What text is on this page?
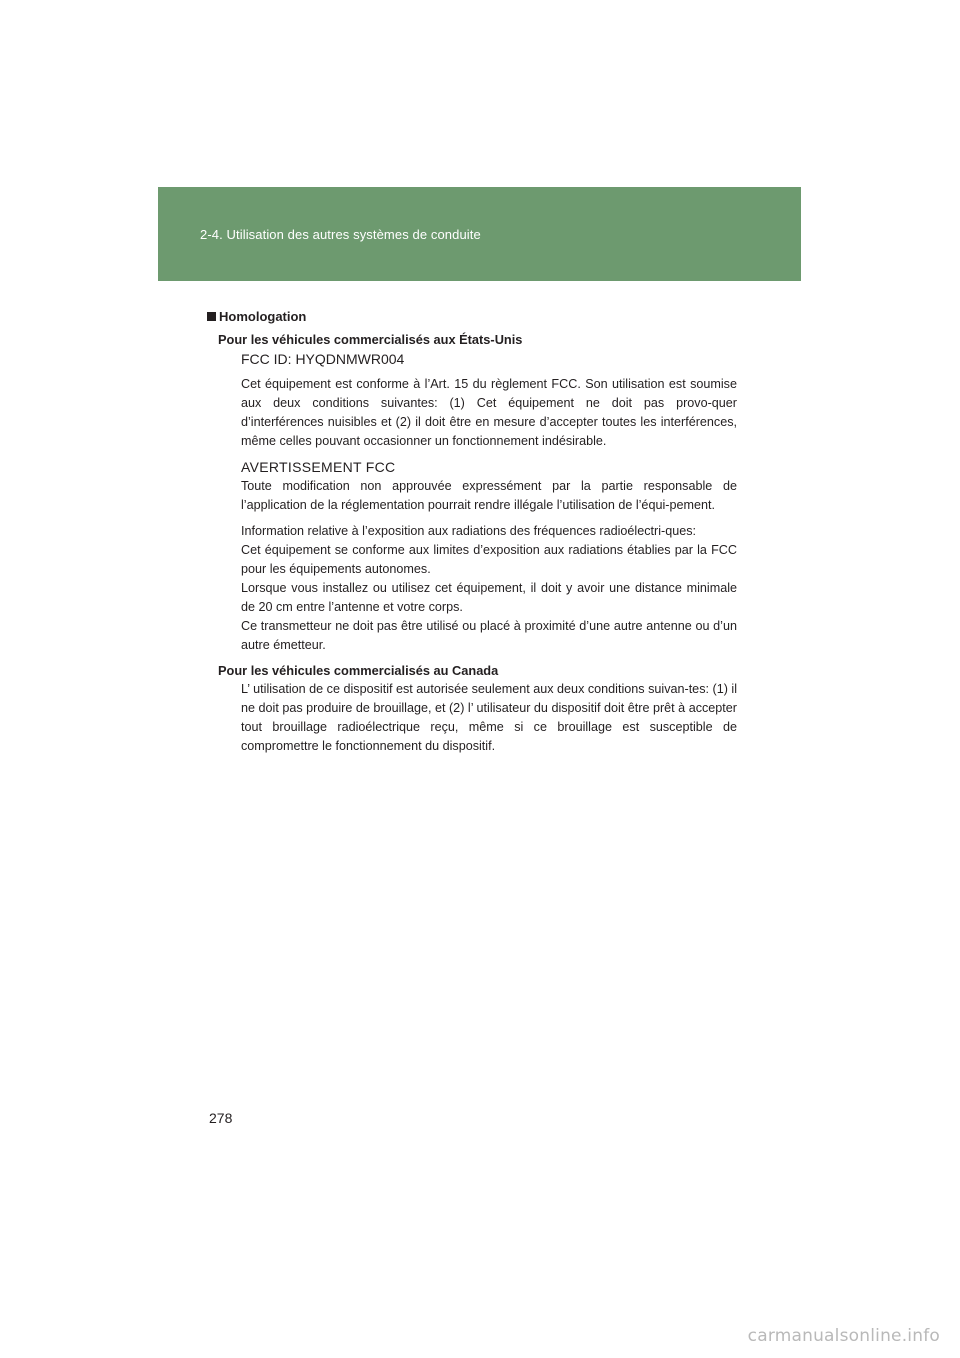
2-4. Utilisation des autres systèmes de conduite
Homologation
Pour les véhicules commercialisés aux États-Unis
FCC ID: HYQDNMWR004
Cet équipement est conforme à l’Art. 15 du règlement FCC. Son utilisation est soumise aux deux conditions suivantes: (1) Cet équipement ne doit pas provo-quer d’interférences nuisibles et (2) il doit être en mesure d’accepter toutes les interférences, même celles pouvant occasionner un fonctionnement indésirable.
AVERTISSEMENT FCC
Toute modification non approuvée expressément par la partie responsable de l’application de la réglementation pourrait rendre illégale l’utilisation de l’équi-pement.
Information relative à l’exposition aux radiations des fréquences radioélectri-ques:
Cet équipement se conforme aux limites d’exposition aux radiations établies par la FCC pour les équipements autonomes.
Lorsque vous installez ou utilisez cet équipement, il doit y avoir une distance minimale de 20 cm entre l’antenne et votre corps.
Ce transmetteur ne doit pas être utilisé ou placé à proximité d’une autre antenne ou d’un autre émetteur.
Pour les véhicules commercialisés au Canada
L’ utilisation de ce dispositif est autorisée seulement aux deux conditions suivan-tes: (1) il ne doit pas produire de brouillage, et (2) l’ utilisateur du dispositif doit être prêt à accepter tout brouillage radioélectrique reçu, même si ce brouillage est susceptible de compromettre le fonctionnement du dispositif.
278
carmanualsonline.info
